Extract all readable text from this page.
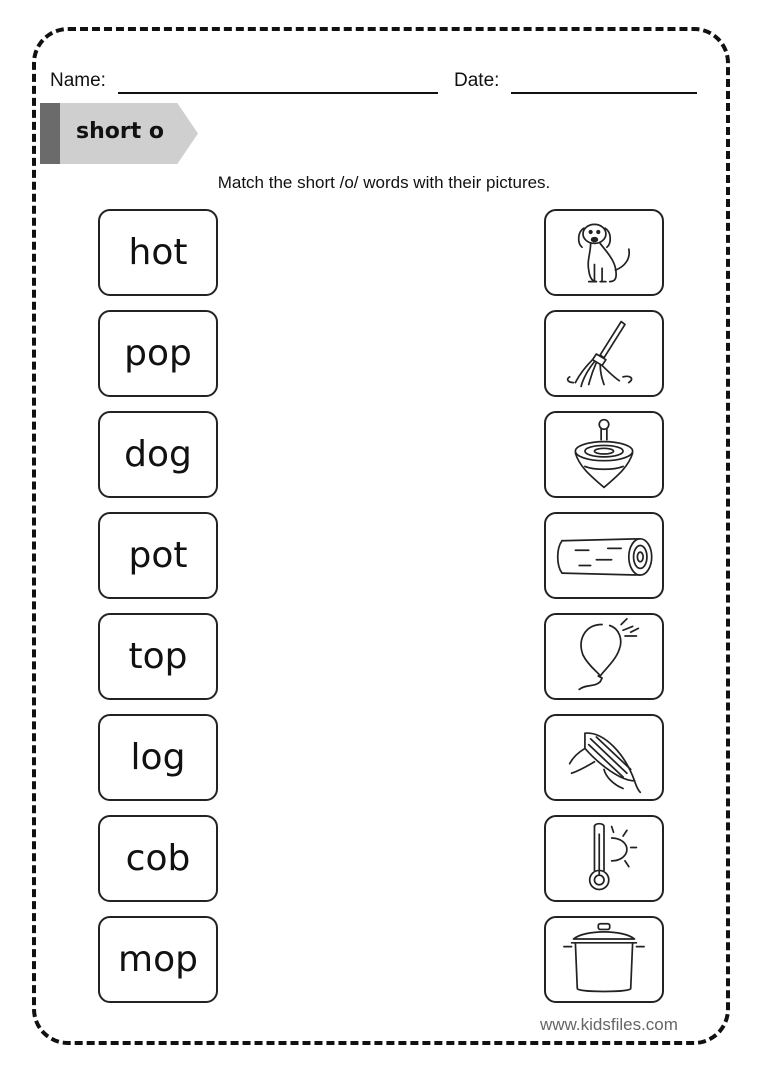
Name:	Date:
short o
Match the short /o/ words with their pictures.
hot
pop
dog
pot
top
log
cob
mop
www.kidsfiles.com
